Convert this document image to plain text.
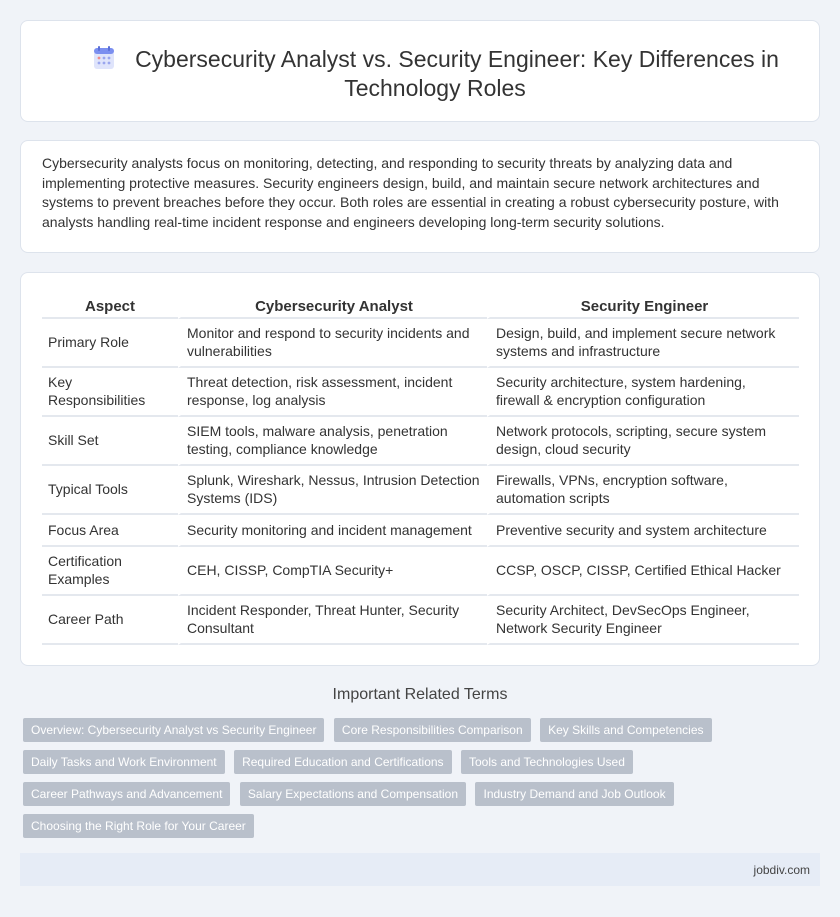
Cybersecurity Analyst vs. Security Engineer: Key Differences in Technology Roles

Cybersecurity analysts focus on monitoring, detecting, and responding to security threats by analyzing data and implementing protective measures. Security engineers design, build, and maintain secure network architectures and systems to prevent breaches before they occur. Both roles are essential in creating a robust cybersecurity posture, with analysts handling real-time incident response and engineers developing long-term security solutions.

Aspect	Cybersecurity Analyst	Security Engineer
Primary Role	Monitor and respond to security incidents and vulnerabilities	Design, build, and implement secure network systems and infrastructure
Key Responsibilities	Threat detection, risk assessment, incident response, log analysis	Security architecture, system hardening, firewall & encryption configuration
Skill Set	SIEM tools, malware analysis, penetration testing, compliance knowledge	Network protocols, scripting, secure system design, cloud security
Typical Tools	Splunk, Wireshark, Nessus, Intrusion Detection Systems (IDS)	Firewalls, VPNs, encryption software, automation scripts
Focus Area	Security monitoring and incident management	Preventive security and system architecture
Certification Examples	CEH, CISSP, CompTIA Security+	CCSP, OSCP, CISSP, Certified Ethical Hacker
Career Path	Incident Responder, Threat Hunter, Security Consultant	Security Architect, DevSecOps Engineer, Network Security Engineer
Important Related Terms
Overview: Cybersecurity Analyst vs Security Engineer Core Responsibilities Comparison Key Skills and Competencies Daily Tasks and Work Environment Required Education and Certifications Tools and Technologies Used Career Pathways and Advancement Salary Expectations and Compensation Industry Demand and Job Outlook Choosing the Right Role for Your Career
jobdiv.com
